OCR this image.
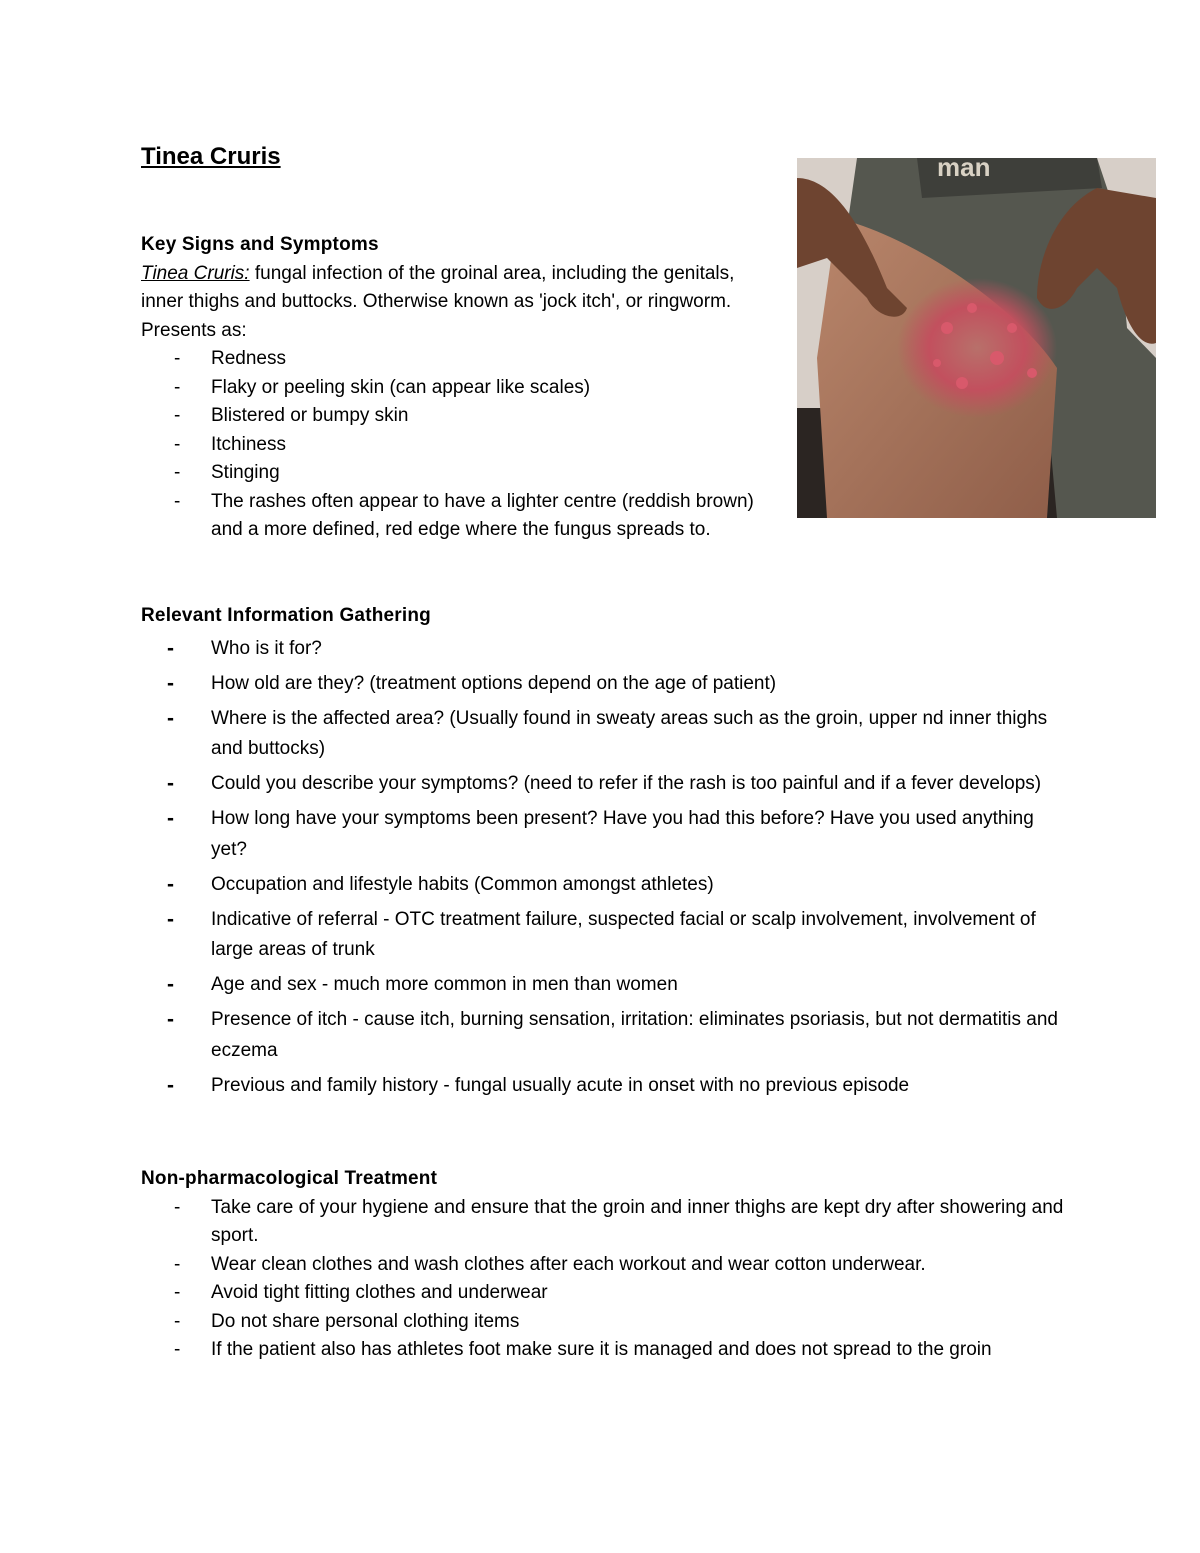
Tinea Cruris	man
Key Signs and Symptoms
Tinea Cruris: fungal infection of the groinal area, including the genitals, inner thighs and buttocks. Otherwise known as 'jock itch', or ringworm. Presents as:
- Redness
- Flaky or peeling skin (can appear like scales)
- Blistered or bumpy skin
- Itchiness
- Stinging
- The rashes often appear to have a lighter centre (reddish brown) and a more defined, red edge where the fungus spreads to.
Relevant Information Gathering
- Who is it for?
- How old are they? (treatment options depend on the age of patient)
- Where is the affected area? (Usually found in sweaty areas such as the groin, upper nd inner thighs and buttocks)
- Could you describe your symptoms? (need to refer if the rash is too painful and if a fever develops)
- How long have your symptoms been present? Have you had this before? Have you used anything yet?
- Occupation and lifestyle habits (Common amongst athletes)
- Indicative of referral - OTC treatment failure, suspected facial or scalp involvement, involvement of large areas of trunk
- Age and sex - much more common in men than women
- Presence of itch - cause itch, burning sensation, irritation: eliminates psoriasis, but not dermatitis and eczema
- Previous and family history - fungal usually acute in onset with no previous episode
Non-pharmacological Treatment
- Take care of your hygiene and ensure that the groin and inner thighs are kept dry after showering and sport.
- Wear clean clothes and wash clothes after each workout and wear cotton underwear.
- Avoid tight fitting clothes and underwear
- Do not share personal clothing items
- If the patient also has athletes foot make sure it is managed and does not spread to the groin
